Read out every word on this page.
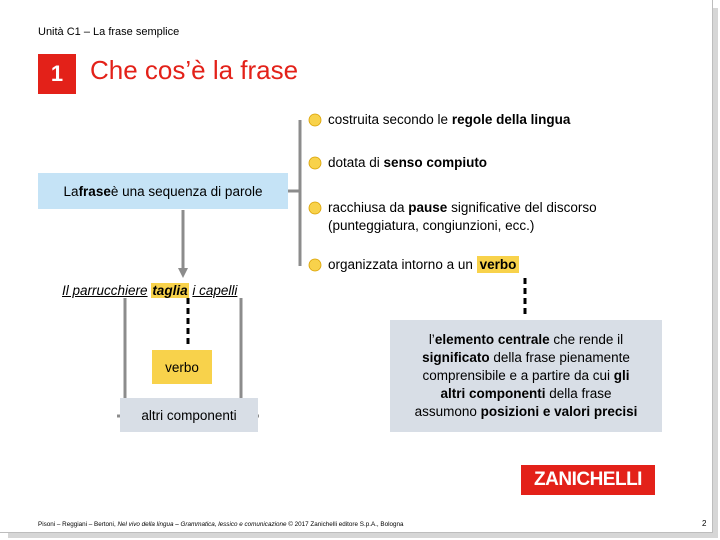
Unità C1 – La frase semplice
1	Che cos’è la frase
La frase è una sequenza di parole
costruita secondo le regole della lingua
dotata di senso compiuto
racchiusa da pause significative del discorso
(punteggiatura, congiunzioni, ecc.)
organizzata intorno a un verbo
Il parrucchiere taglia i capelli
verbo
altri componenti
l’elemento centrale che rende il
significato della frase pienamente
comprensibile e a partire da cui gli
altri componenti della frase
assumono posizioni e valori precisi
ZANICHELLI
Pisoni – Reggiani – Bertoni, Nel vivo della lingua – Grammatica, lessico e comunicazione © 2017 Zanichelli editore S.p.A., Bologna	2
